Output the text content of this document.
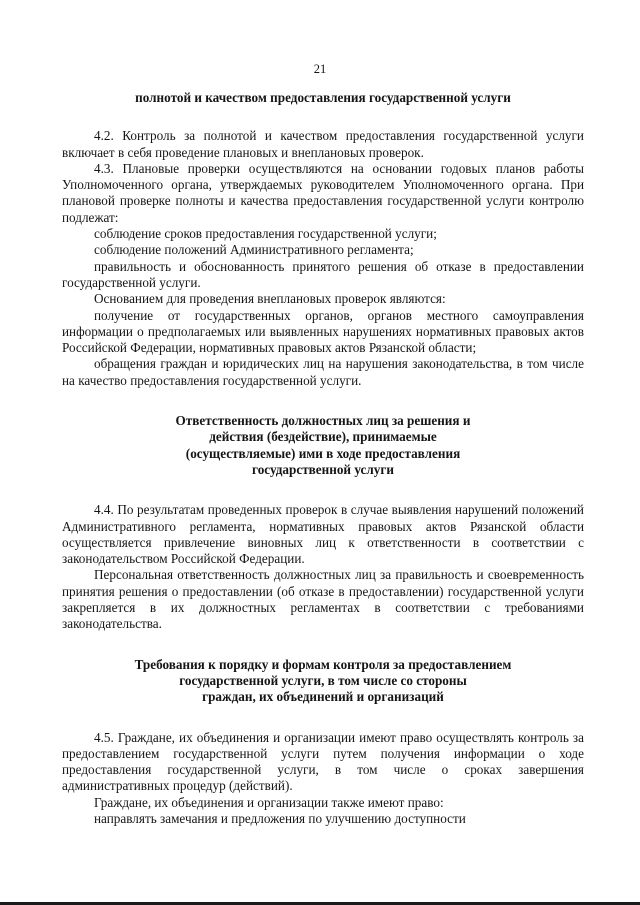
21

полнотой и качеством предоставления государственной услуги

4.2. Контроль за полнотой и качеством предоставления государственной услуги включает в себя проведение плановых и внеплановых проверок.

4.3. Плановые проверки осуществляются на основании годовых планов работы Уполномоченного органа, утверждаемых руководителем Уполномоченного органа. При плановой проверке полноты и качества предоставления государственной услуги контролю подлежат:

соблюдение сроков предоставления государственной услуги;

соблюдение положений Административного регламента;

правильность и обоснованность принятого решения об отказе в предоставлении государственной услуги.

Основанием для проведения внеплановых проверок являются:

получение от государственных органов, органов местного самоуправления информации о предполагаемых или выявленных нарушениях нормативных правовых актов Российской Федерации, нормативных правовых актов Рязанской области;

обращения граждан и юридических лиц на нарушения законодательства, в том числе на качество предоставления государственной услуги.

Ответственность должностных лиц за решения и

действия (бездействие), принимаемые

(осуществляемые) ими в ходе предоставления

государственной услуги

4.4. По результатам проведенных проверок в случае выявления нарушений положений Административного регламента, нормативных правовых актов Рязанской области осуществляется привлечение виновных лиц к ответственности в соответствии с законодательством Российской Федерации.

Персональная ответственность должностных лиц за правильность и своевременность принятия решения о предоставлении (об отказе в предоставлении) государственной услуги закрепляется в их должностных регламентах в соответствии с требованиями законодательства.

Требования к порядку и формам контроля за предоставлением

государственной услуги, в том числе со стороны

граждан, их объединений и организаций

4.5. Граждане, их объединения и организации имеют право осуществлять контроль за предоставлением государственной услуги путем получения информации о ходе предоставления государственной услуги, в том числе о сроках завершения административных процедур (действий).

Граждане, их объединения и организации также имеют право:

направлять замечания и предложения по улучшению доступности
